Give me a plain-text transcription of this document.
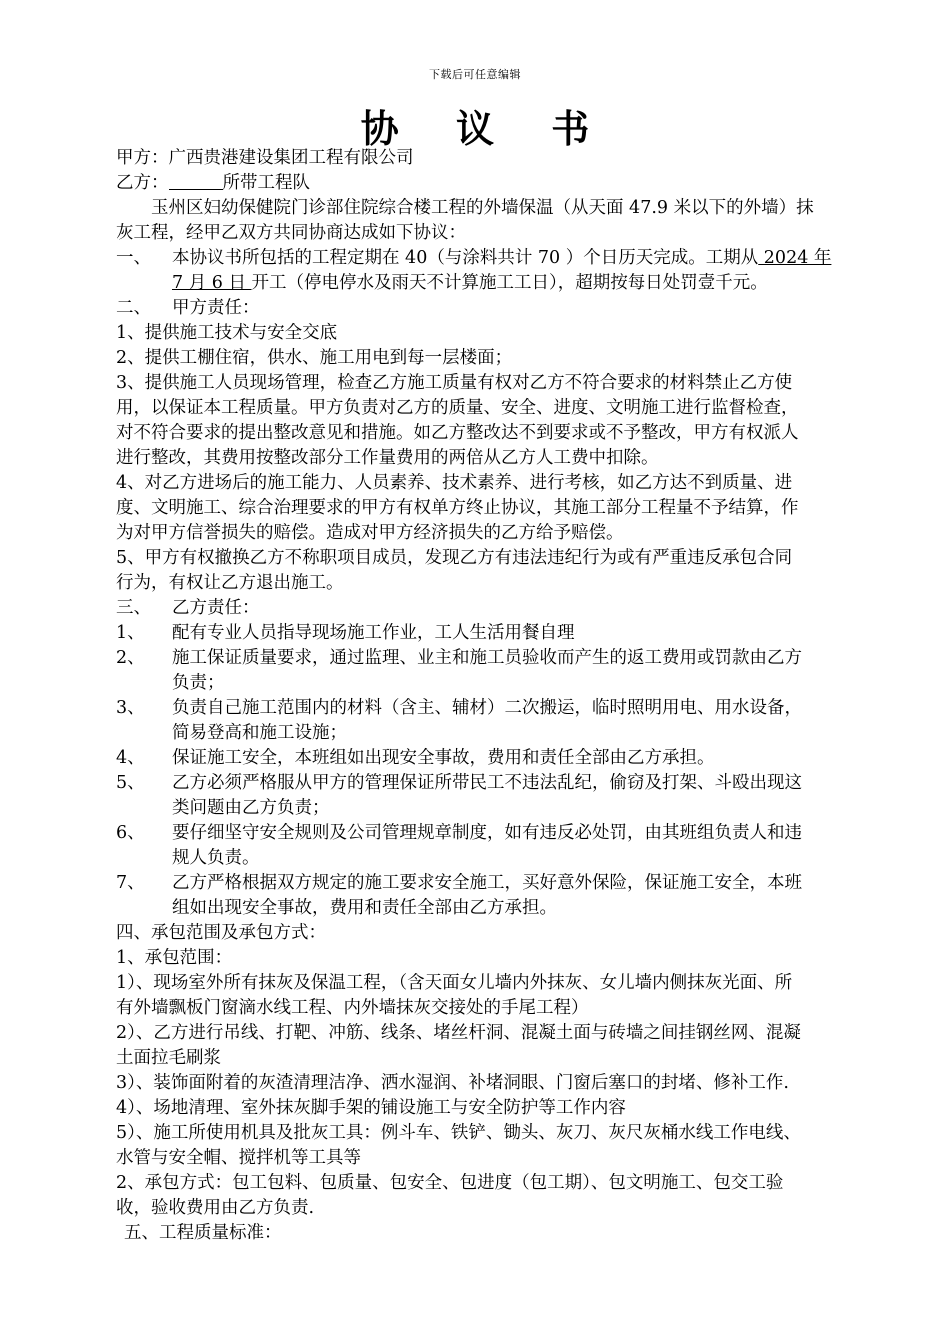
下载后可任意编辑
协 议 书
甲方：广西贵港建设集团工程有限公司
乙方：	所带工程队
玉州区妇幼保健院门诊部住院综合楼工程的外墙保温（从天面 47.9 米以下的外墙）抹
灰工程，经甲乙双方共同协商达成如下协议：
一、 本协议书所包括的工程定期在 40（与涂料共计 70 ）个日历天完成。工期从 2024 年
7 月 6 日 开工（停电停水及雨天不计算施工工日），超期按每日处罚壹千元。
二、 甲方责任：
1、提供施工技术与安全交底
2、提供工棚住宿，供水、施工用电到每一层楼面；
3、提供施工人员现场管理，检查乙方施工质量有权对乙方不符合要求的材料禁止乙方使
用，以保证本工程质量。甲方负责对乙方的质量、安全、进度、文明施工进行监督检查，
对不符合要求的提出整改意见和措施。如乙方整改达不到要求或不予整改，甲方有权派人
进行整改，其费用按整改部分工作量费用的两倍从乙方人工费中扣除。
4、对乙方进场后的施工能力、人员素养、技术素养、进行考核，如乙方达不到质量、进
度、文明施工、综合治理要求的甲方有权单方终止协议，其施工部分工程量不予结算，作
为对甲方信誉损失的赔偿。造成对甲方经济损失的乙方给予赔偿。
5、甲方有权撤换乙方不称职项目成员，发现乙方有违法违纪行为或有严重违反承包合同
行为，有权让乙方退出施工。
三、 乙方责任：
1、 配有专业人员指导现场施工作业，工人生活用餐自理
2、 施工保证质量要求，通过监理、业主和施工员验收而产生的返工费用或罚款由乙方
负责；
3、 负责自己施工范围内的材料（含主、辅材）二次搬运，临时照明用电、用水设备，
简易登高和施工设施；
4、 保证施工安全，本班组如出现安全事故，费用和责任全部由乙方承担。
5、 乙方必须严格服从甲方的管理保证所带民工不违法乱纪，偷窃及打架、斗殴出现这
类问题由乙方负责；
6、 要仔细坚守安全规则及公司管理规章制度，如有违反必处罚，由其班组负责人和违
规人负责。
7、 乙方严格根据双方规定的施工要求安全施工，买好意外保险，保证施工安全，本班
组如出现安全事故，费用和责任全部由乙方承担。
四、承包范围及承包方式：
1、承包范围：
1）、现场室外所有抹灰及保温工程，（含天面女儿墙内外抹灰、女儿墙内侧抹灰光面、所
有外墙飘板门窗滴水线工程、内外墙抹灰交接处的手尾工程）
2）、乙方进行吊线、打靶、冲筋、线条、堵丝杆洞、混凝土面与砖墙之间挂钢丝网、混凝
土面拉毛刷浆
3）、装饰面附着的灰渣清理洁净、洒水湿润、补堵洞眼、门窗后塞口的封堵、修补工作.
4）、场地清理、室外抹灰脚手架的铺设施工与安全防护等工作内容
5）、施工所使用机具及批灰工具：例斗车、铁铲、锄头、灰刀、灰尺灰桶水线工作电线、
水管与安全帽、搅拌机等工具等
2、承包方式：包工包料、包质量、包安全、包进度（包工期）、包文明施工、包交工验
收，验收费用由乙方负责.
五、工程质量标准：
